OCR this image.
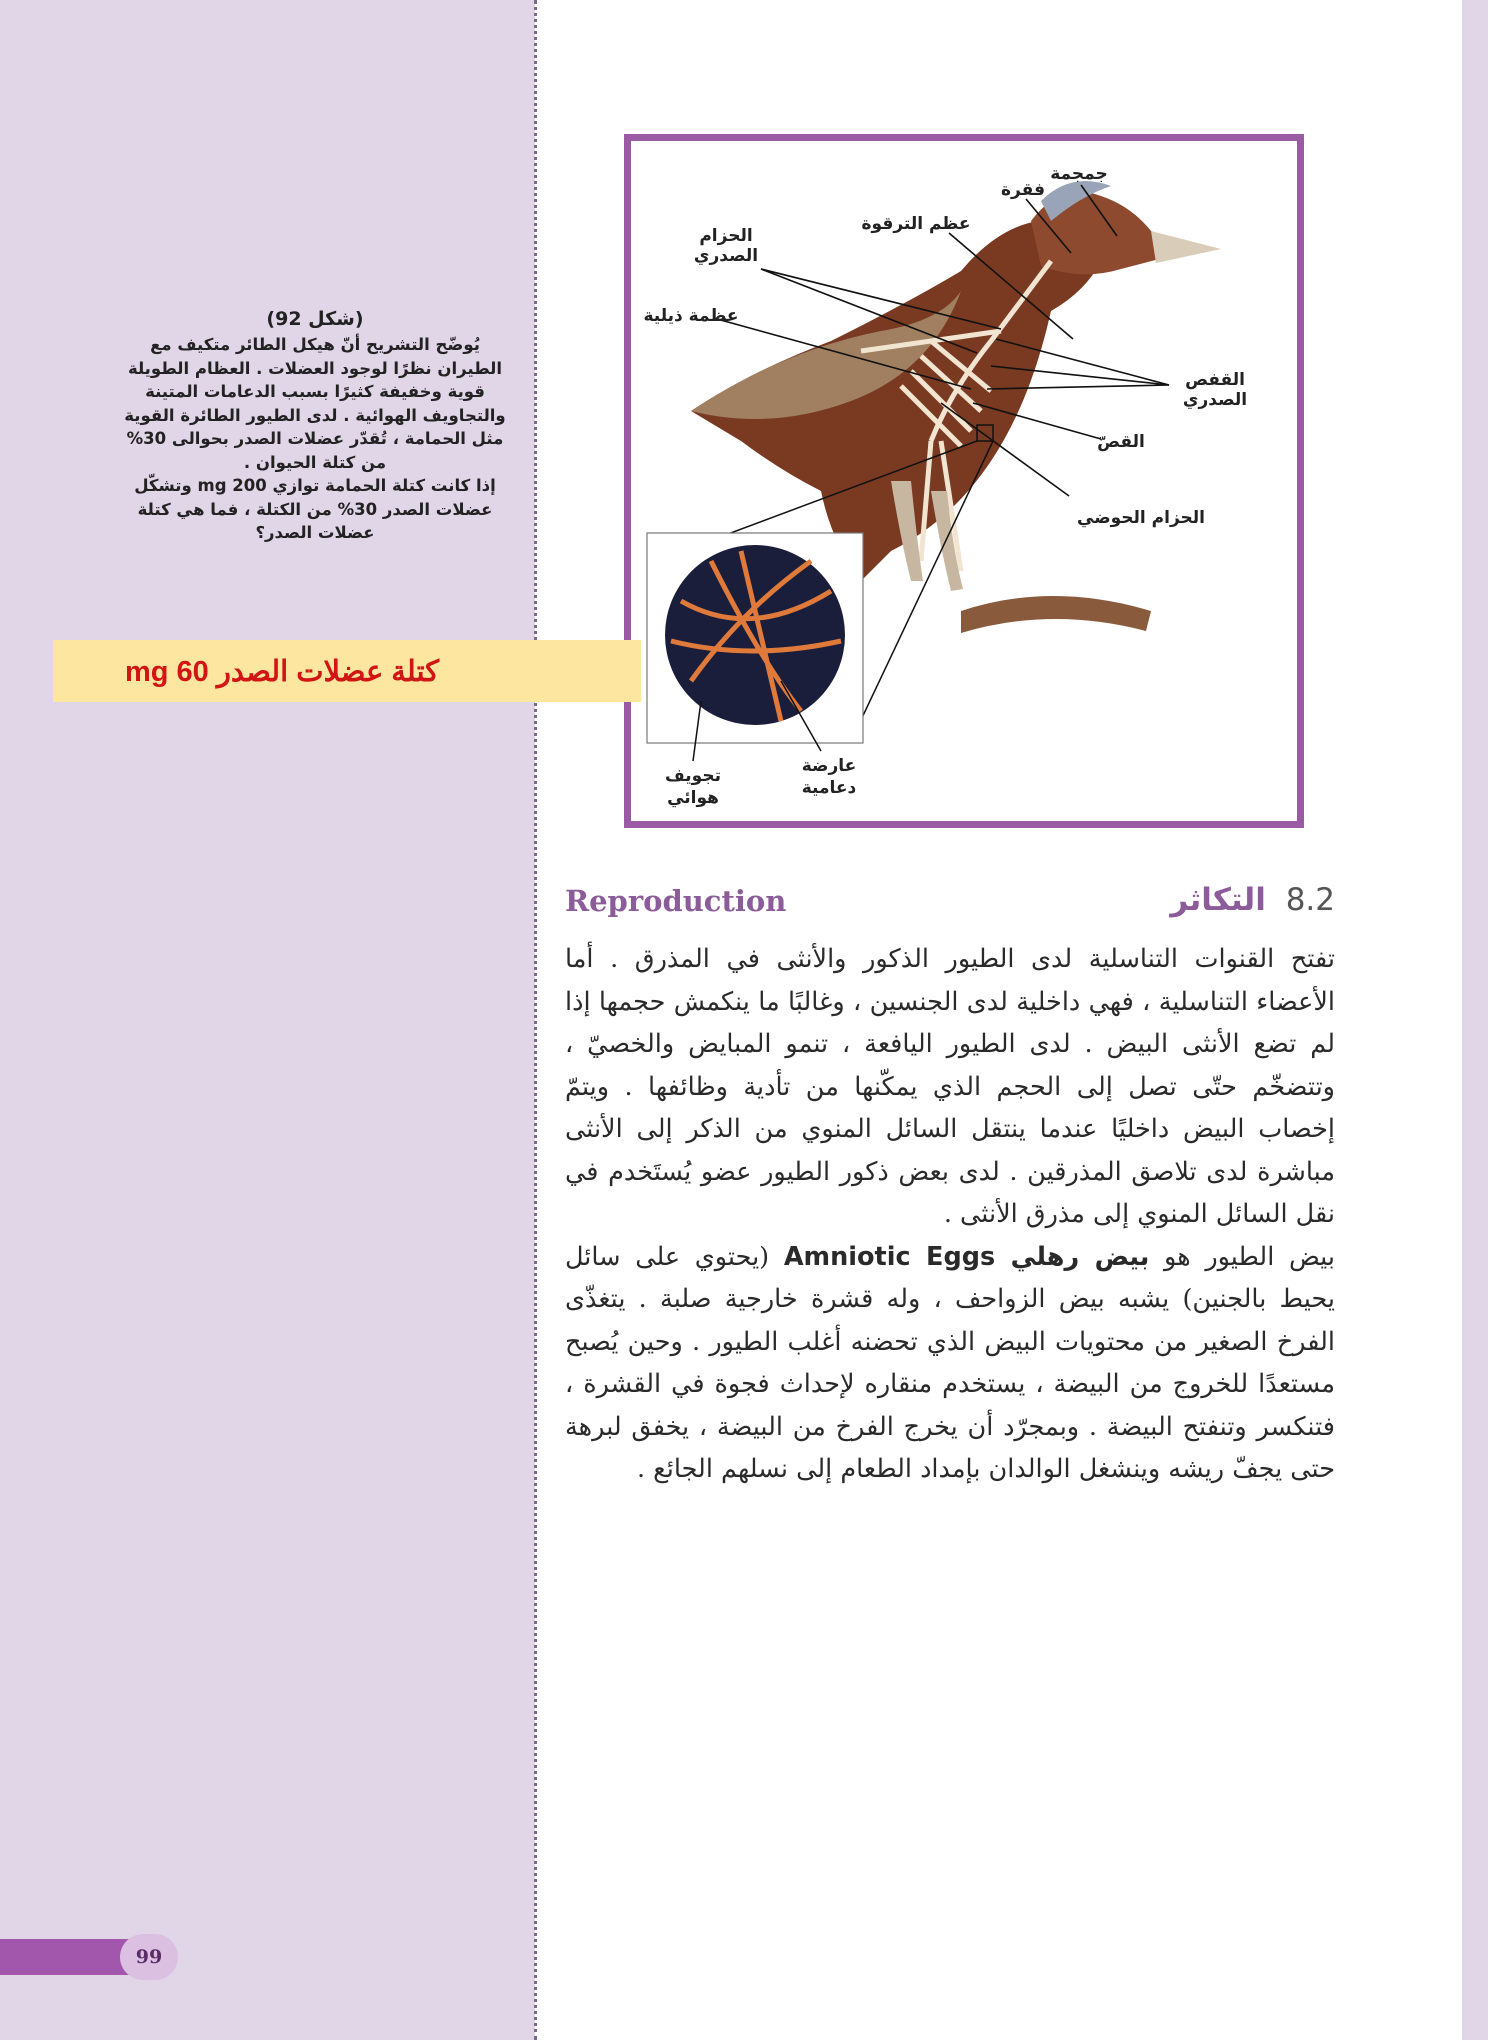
(شكل 92)
يُوضّح التشريح أنّ هيكل الطائر متكيف مع
الطيران نظرًا لوجود العضلات . العظام الطويلة
قوية وخفيفة كثيرًا بسبب الدعامات المتينة
والتجاويف الهوائية . لدى الطيور الطائرة القوية
مثل الحمامة ، تُقدّر عضلات الصدر بحوالى 30%
من كتلة الحيوان .
إذا كانت كتلة الحمامة توازي 200 mg وتشكّل
عضلات الصدر 30% من الكتلة ، فما هي كتلة
عضلات الصدر؟
كتلة عضلات الصدر 60 mg
جمجمة
فقرة
عظم الترقوة
الحزام
الصدري
عظمة ذيلية
القفص
الصدري
القصّ
الحزام الحوضي
تجويف
هوائي
عارضة
دعامية
Reproduction	8.2 التكاثر

تفتح القنوات التناسلية لدى الطيور الذكور والأنثى في المذرق . أما الأعضاء التناسلية ، فهي داخلية لدى الجنسين ، وغالبًا ما ينكمش حجمها إذا لم تضع الأنثى البيض . لدى الطيور اليافعة ، تنمو المبايض والخصيّ ، وتتضخّم حتّى تصل إلى الحجم الذي يمكّنها من تأدية وظائفها . ويتمّ إخصاب البيض داخليًا عندما ينتقل السائل المنوي من الذكر إلى الأنثى مباشرة لدى تلاصق المذرقين . لدى بعض ذكور الطيور عضو يُستَخدم في نقل السائل المنوي إلى مذرق الأنثى .

بيض الطيور هو بيض رهلي Amniotic Eggs (يحتوي على سائل يحيط بالجنين) يشبه بيض الزواحف ، وله قشرة خارجية صلبة . يتغذّى الفرخ الصغير من محتويات البيض الذي تحضنه أغلب الطيور . وحين يُصبح مستعدًا للخروج من البيضة ، يستخدم منقاره لإحداث فجوة في القشرة ، فتنكسر وتنفتح البيضة . وبمجرّد أن يخرج الفرخ من البيضة ، يخفق لبرهة حتى يجفّ ريشه وينشغل الوالدان بإمداد الطعام إلى نسلهم الجائع .

99
